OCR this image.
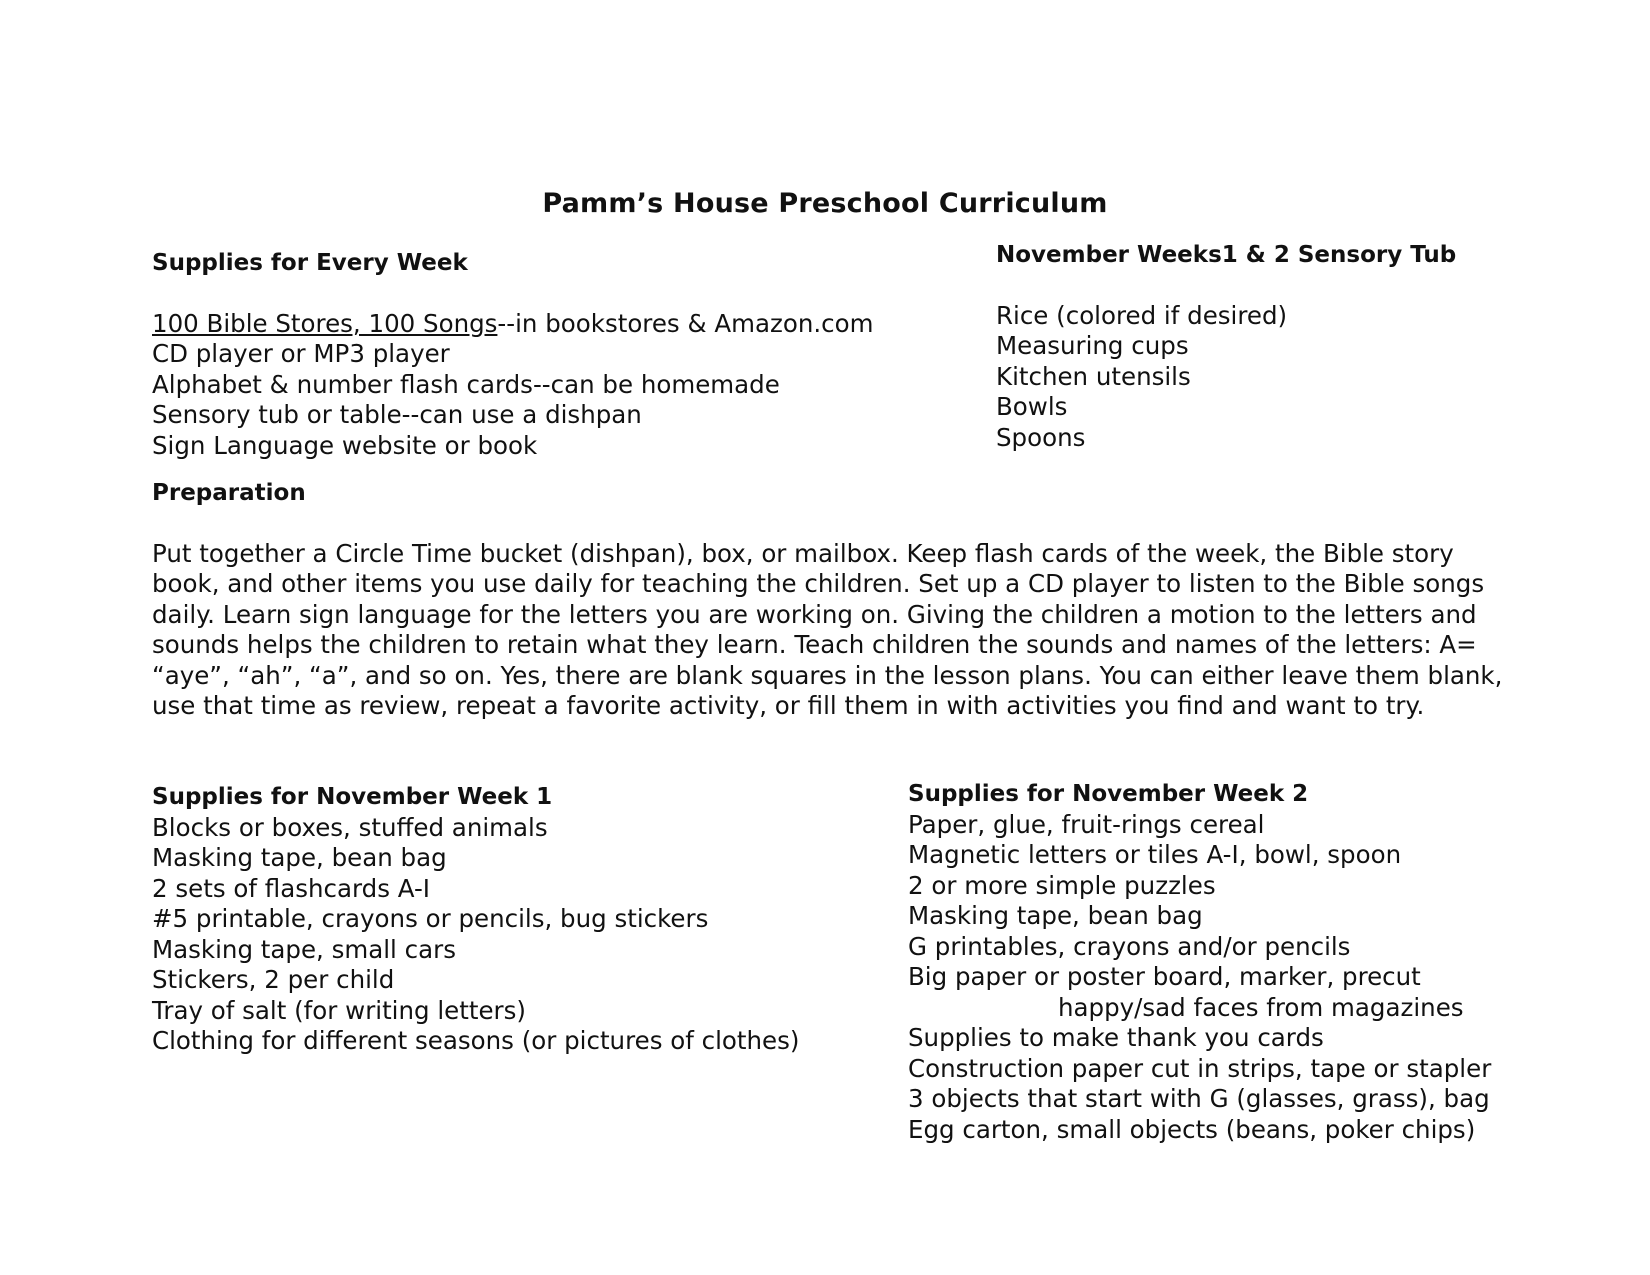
Pamm’s House Preschool Curriculum
Supplies for Every Week
100 Bible Stores, 100 Songs--in bookstores & Amazon.com
CD player or MP3 player
Alphabet & number flash cards--can be homemade
Sensory tub or table--can use a dishpan
Sign Language website or book
November Weeks1 & 2 Sensory Tub
Rice (colored if desired)
Measuring cups
Kitchen utensils
Bowls
Spoons
Preparation
Put together a Circle Time bucket (dishpan), box, or mailbox. Keep flash cards of the week, the Bible story
book, and other items you use daily for teaching the children. Set up a CD player to listen to the Bible songs
daily. Learn sign language for the letters you are working on. Giving the children a motion to the letters and
sounds helps the children to retain what they learn. Teach children the sounds and names of the letters: A=
“aye”, “ah”, “a”, and so on. Yes, there are blank squares in the lesson plans. You can either leave them blank,
use that time as review, repeat a favorite activity, or fill them in with activities you find and want to try.
Supplies for November Week 1
Blocks or boxes, stuffed animals
Masking tape, bean bag
2 sets of flashcards A-I
#5 printable, crayons or pencils, bug stickers
Masking tape, small cars
Stickers, 2 per child
Tray of salt (for writing letters)
Clothing for different seasons (or pictures of clothes)
Supplies for November Week 2
Paper, glue, fruit-rings cereal
Magnetic letters or tiles A-I, bowl, spoon
2 or more simple puzzles
Masking tape, bean bag
G printables, crayons and/or pencils
Big paper or poster board, marker, precut
happy/sad faces from magazines
Supplies to make thank you cards
Construction paper cut in strips, tape or stapler
3 objects that start with G (glasses, grass), bag
Egg carton, small objects (beans, poker chips)
